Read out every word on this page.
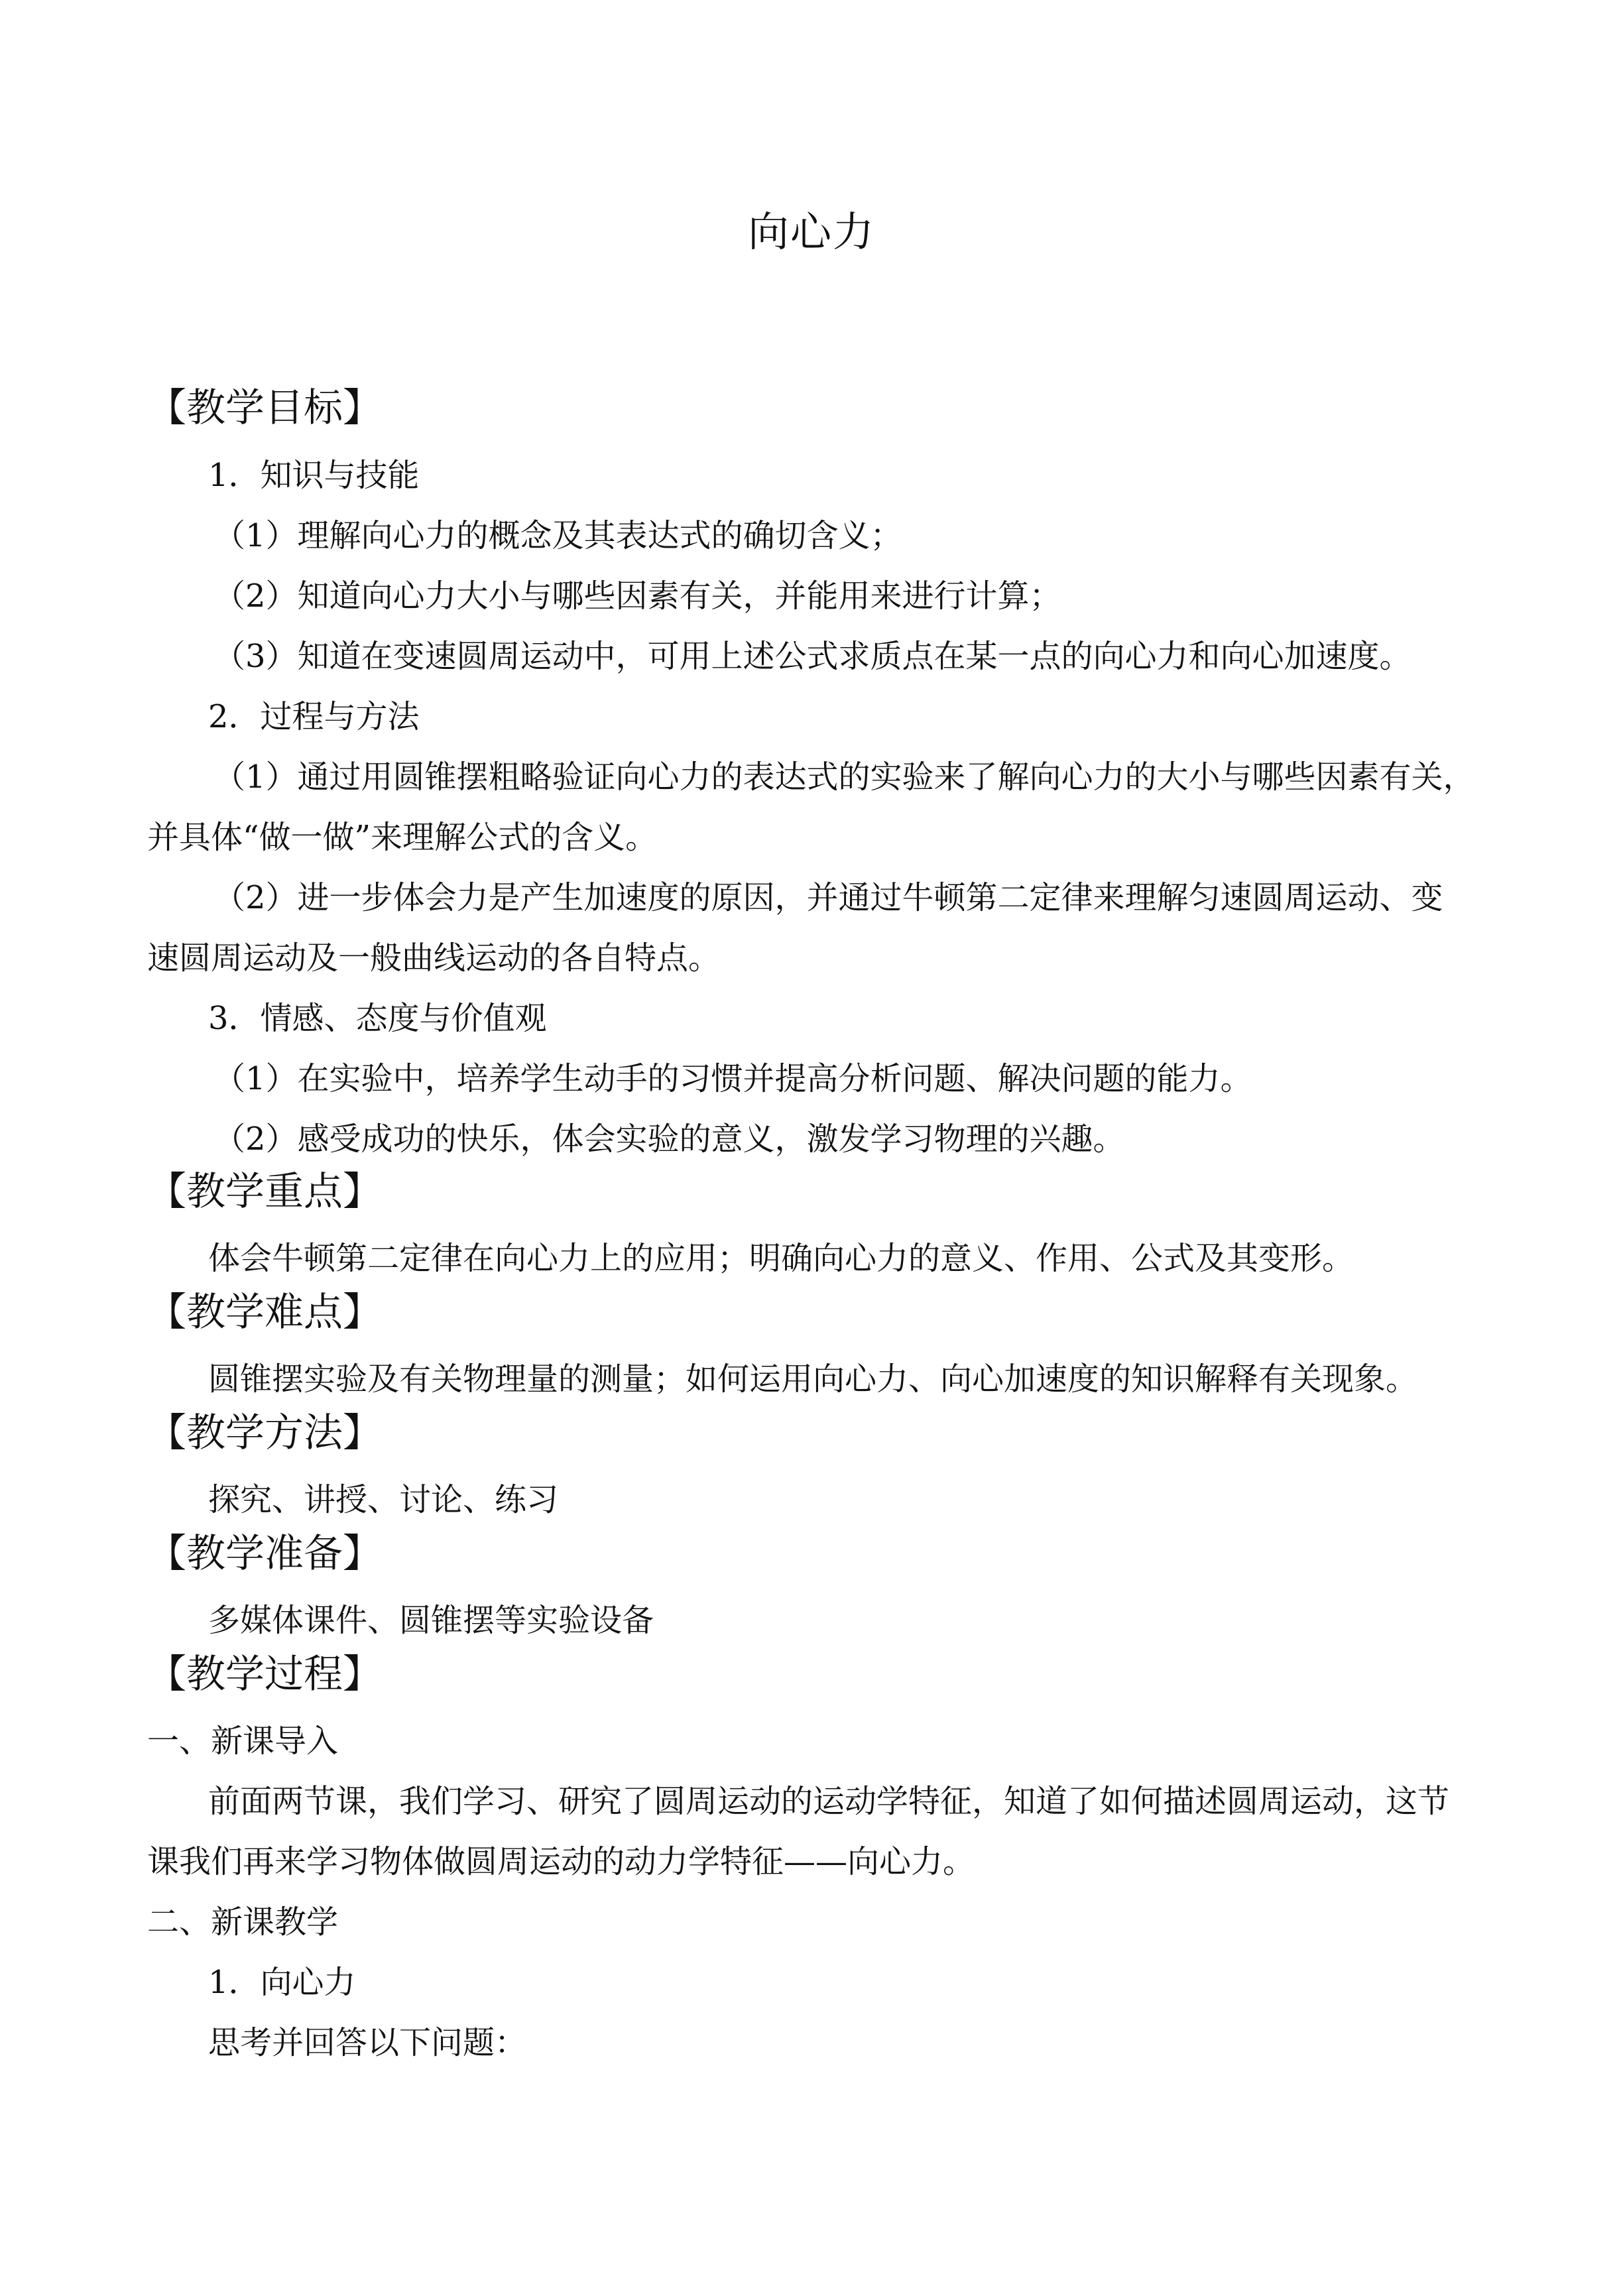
向心力
【教学目标】
1．知识与技能
（1）理解向心力的概念及其表达式的确切含义；
（2）知道向心力大小与哪些因素有关，并能用来进行计算；
（3）知道在变速圆周运动中，可用上述公式求质点在某一点的向心力和向心加速度。
2．过程与方法
（1）通过用圆锥摆粗略验证向心力的表达式的实验来了解向心力的大小与哪些因素有关，
并具体“做一做”来理解公式的含义。
（2）进一步体会力是产生加速度的原因，并通过牛顿第二定律来理解匀速圆周运动、变
速圆周运动及一般曲线运动的各自特点。
3．情感、态度与价值观
（1）在实验中，培养学生动手的习惯并提高分析问题、解决问题的能力。
（2）感受成功的快乐，体会实验的意义，激发学习物理的兴趣。
【教学重点】
体会牛顿第二定律在向心力上的应用；明确向心力的意义、作用、公式及其变形。
【教学难点】
圆锥摆实验及有关物理量的测量；如何运用向心力、向心加速度的知识解释有关现象。
【教学方法】
探究、讲授、讨论、练习
【教学准备】
多媒体课件、圆锥摆等实验设备
【教学过程】
一、新课导入
前面两节课，我们学习、研究了圆周运动的运动学特征，知道了如何描述圆周运动，这节
课我们再来学习物体做圆周运动的动力学特征——向心力。
二、新课教学
1．向心力
思考并回答以下问题：
